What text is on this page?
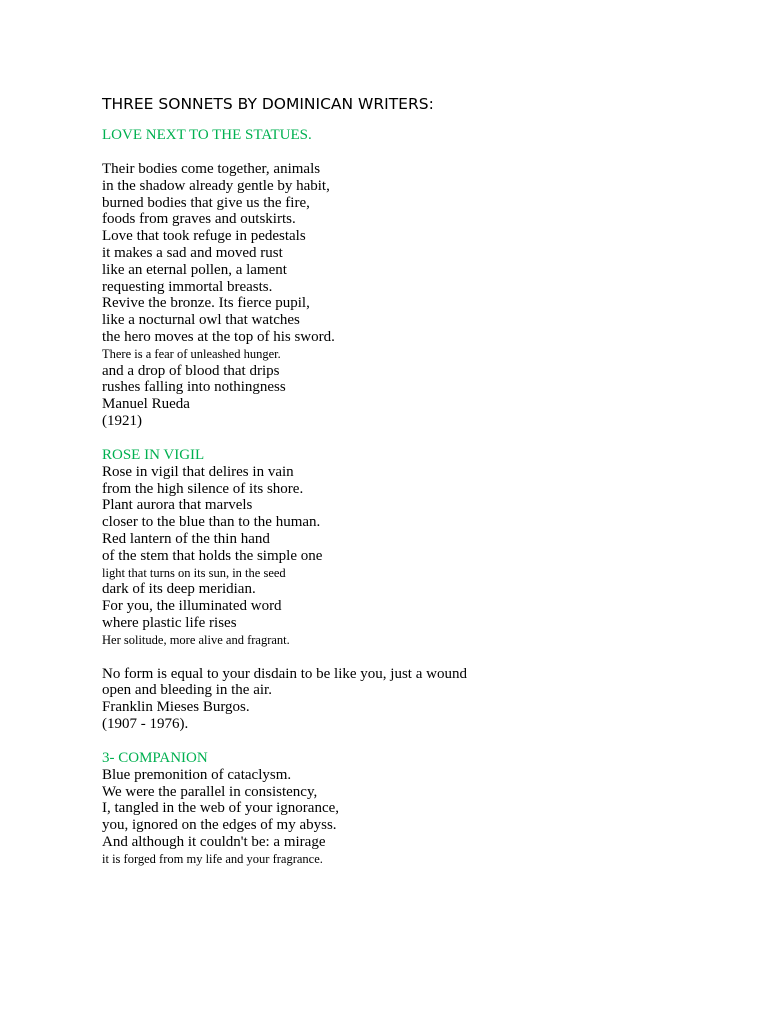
THREE SONNETS BY DOMINICAN WRITERS:
LOVE NEXT TO THE STATUES.
Their bodies come together, animals
in the shadow already gentle by habit,
burned bodies that give us the fire,
foods from graves and outskirts.
Love that took refuge in pedestals
it makes a sad and moved rust
like an eternal pollen, a lament
requesting immortal breasts.
Revive the bronze. Its fierce pupil,
like a nocturnal owl that watches
the hero moves at the top of his sword.
There is a fear of unleashed hunger.
and a drop of blood that drips
rushes falling into nothingness
Manuel Rueda
(1921)
ROSE IN VIGIL
Rose in vigil that delires in vain
from the high silence of its shore.
Plant aurora that marvels
closer to the blue than to the human.
Red lantern of the thin hand
of the stem that holds the simple one
light that turns on its sun, in the seed
dark of its deep meridian.
For you, the illuminated word
where plastic life rises
Her solitude, more alive and fragrant.
No form is equal to your disdain to be like you, just a wound
open and bleeding in the air.
Franklin Mieses Burgos.
(1907 - 1976).
3- COMPANION
Blue premonition of cataclysm.
We were the parallel in consistency,
I, tangled in the web of your ignorance,
you, ignored on the edges of my abyss.
And although it couldn't be: a mirage
it is forged from my life and your fragrance.
